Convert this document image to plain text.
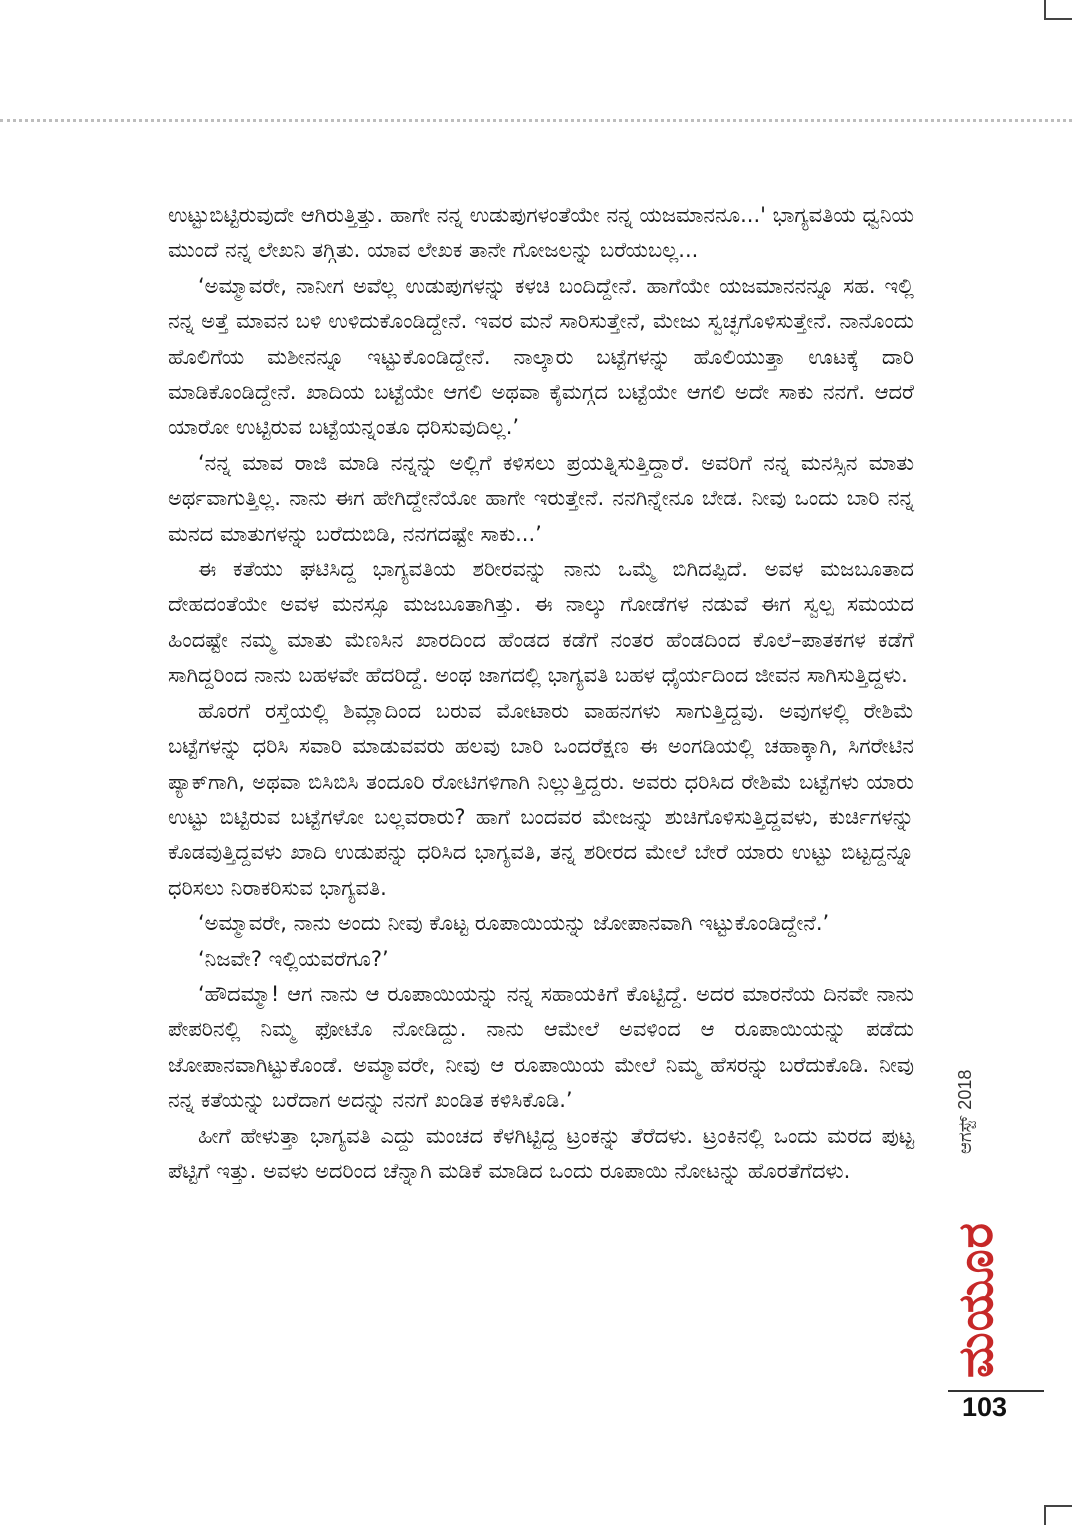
ಉಟ್ಟುಬಿಟ್ಟಿರುವುದೇ ಆಗಿರುತ್ತಿತ್ತು. ಹಾಗೇ ನನ್ನ ಉಡುಪುಗಳಂತೆಯೇ ನನ್ನ ಯಜಮಾನನೂ...' ಭಾಗ್ಯವತಿಯ ಧ್ವನಿಯ ಮುಂದೆ ನನ್ನ ಲೇಖನಿ ತಗ್ಗಿತು. ಯಾವ ಲೇಖಕ ತಾನೇ ಗೋಜಲನ್ನು ಬರೆಯಬಲ್ಲ...

‘ಅಮ್ಮಾವರೇ, ನಾನೀಗ ಅವೆಲ್ಲ ಉಡುಪುಗಳನ್ನು ಕಳಚಿ ಬಂದಿದ್ದೇನೆ. ಹಾಗೆಯೇ ಯಜಮಾನನನ್ನೂ ಸಹ. ಇಲ್ಲಿ ನನ್ನ ಅತ್ತೆ ಮಾವನ ಬಳಿ ಉಳಿದುಕೊಂಡಿದ್ದೇನೆ. ಇವರ ಮನೆ ಸಾರಿಸುತ್ತೇನೆ, ಮೇಜು ಸ್ವಚ್ಛಗೊಳಿಸುತ್ತೇನೆ. ನಾನೊಂದು ಹೊಲಿಗೆಯ ಮಶೀನನ್ನೂ ಇಟ್ಟುಕೊಂಡಿದ್ದೇನೆ. ನಾಲ್ಕಾರು ಬಟ್ಟೆಗಳನ್ನು ಹೊಲಿಯುತ್ತಾ ಊಟಕ್ಕೆ ದಾರಿ ಮಾಡಿಕೊಂಡಿದ್ದೇನೆ. ಖಾದಿಯ ಬಟ್ಟೆಯೇ ಆಗಲಿ ಅಥವಾ ಕೈಮಗ್ಗದ ಬಟ್ಟೆಯೇ ಆಗಲಿ ಅದೇ ಸಾಕು ನನಗೆ. ಆದರೆ ಯಾರೋ ಉಟ್ಟಿರುವ ಬಟ್ಟೆಯನ್ನಂತೂ ಧರಿಸುವುದಿಲ್ಲ.’

‘ನನ್ನ ಮಾವ ರಾಜಿ ಮಾಡಿ ನನ್ನನ್ನು ಅಲ್ಲಿಗೆ ಕಳಿಸಲು ಪ್ರಯತ್ನಿಸುತ್ತಿದ್ದಾರೆ. ಅವರಿಗೆ ನನ್ನ ಮನಸ್ಸಿನ ಮಾತು ಅರ್ಥವಾಗುತ್ತಿಲ್ಲ. ನಾನು ಈಗ ಹೇಗಿದ್ದೇನೆಯೋ ಹಾಗೇ ಇರುತ್ತೇನೆ. ನನಗಿನ್ನೇನೂ ಬೇಡ. ನೀವು ಒಂದು ಬಾರಿ ನನ್ನ ಮನದ ಮಾತುಗಳನ್ನು ಬರೆದುಬಿಡಿ, ನನಗದಷ್ಟೇ ಸಾಕು...’

ಈ ಕತೆಯು ಘಟಿಸಿದ್ದ ಭಾಗ್ಯವತಿಯ ಶರೀರವನ್ನು ನಾನು ಒಮ್ಮೆ ಬಿಗಿದಪ್ಪಿದೆ. ಅವಳ ಮಜಬೂತಾದ ದೇಹದಂತೆಯೇ ಅವಳ ಮನಸ್ಸೂ ಮಜಬೂತಾಗಿತ್ತು. ಈ ನಾಲ್ಕು ಗೋಡೆಗಳ ನಡುವೆ ಈಗ ಸ್ವಲ್ಪ ಸಮಯದ ಹಿಂದಷ್ಟೇ ನಮ್ಮ ಮಾತು ಮೆಣಸಿನ ಖಾರದಿಂದ ಹೆಂಡದ ಕಡೆಗೆ ನಂತರ ಹೆಂಡದಿಂದ ಕೊಲೆ–ಪಾತಕಗಳ ಕಡೆಗೆ ಸಾಗಿದ್ದರಿಂದ ನಾನು ಬಹಳವೇ ಹೆದರಿದ್ದೆ. ಅಂಥ ಜಾಗದಲ್ಲಿ ಭಾಗ್ಯವತಿ ಬಹಳ ಧೈರ್ಯದಿಂದ ಜೀವನ ಸಾಗಿಸುತ್ತಿದ್ದಳು.

ಹೊರಗೆ ರಸ್ತೆಯಲ್ಲಿ ಶಿಮ್ಲಾದಿಂದ ಬರುವ ಮೋಟಾರು ವಾಹನಗಳು ಸಾಗುತ್ತಿದ್ದವು. ಅವುಗಳಲ್ಲಿ ರೇಶಿಮೆ ಬಟ್ಟೆಗಳನ್ನು ಧರಿಸಿ ಸವಾರಿ ಮಾಡುವವರು ಹಲವು ಬಾರಿ ಒಂದರೆಕ್ಷಣ ಈ ಅಂಗಡಿಯಲ್ಲಿ ಚಹಾಕ್ಕಾಗಿ, ಸಿಗರೇಟಿನ ಪ್ಯಾಕ್‌ಗಾಗಿ, ಅಥವಾ ಬಿಸಿಬಿಸಿ ತಂದೂರಿ ರೋಟಿಗಳಿಗಾಗಿ ನಿಲ್ಲುತ್ತಿದ್ದರು. ಅವರು ಧರಿಸಿದ ರೇಶಿಮೆ ಬಟ್ಟೆಗಳು ಯಾರು ಉಟ್ಟು ಬಿಟ್ಟಿರುವ ಬಟ್ಟೆಗಳೋ ಬಲ್ಲವರಾರು? ಹಾಗೆ ಬಂದವರ ಮೇಜನ್ನು ಶುಚಿಗೊಳಿಸುತ್ತಿದ್ದವಳು, ಕುರ್ಚಿಗಳನ್ನು ಕೊಡವುತ್ತಿದ್ದವಳು ಖಾದಿ ಉಡುಪನ್ನು ಧರಿಸಿದ ಭಾಗ್ಯವತಿ, ತನ್ನ ಶರೀರದ ಮೇಲೆ ಬೇರೆ ಯಾರು ಉಟ್ಟು ಬಿಟ್ಟದ್ದನ್ನೂ ಧರಿಸಲು ನಿರಾಕರಿಸುವ ಭಾಗ್ಯವತಿ.

‘ಅಮ್ಮಾವರೇ, ನಾನು ಅಂದು ನೀವು ಕೊಟ್ಟ ರೂಪಾಯಿಯನ್ನು ಜೋಪಾನವಾಗಿ ಇಟ್ಟುಕೊಂಡಿದ್ದೇನೆ.’

‘ನಿಜವೇ? ಇಲ್ಲಿಯವರೆಗೂ?’

‘ಹೌದಮ್ಮಾ! ಆಗ ನಾನು ಆ ರೂಪಾಯಿಯನ್ನು ನನ್ನ ಸಹಾಯಕಿಗೆ ಕೊಟ್ಟಿದ್ದೆ. ಅದರ ಮಾರನೆಯ ದಿನವೇ ನಾನು ಪೇಪರಿನಲ್ಲಿ ನಿಮ್ಮ ಫೋಟೊ ನೋಡಿದ್ದು. ನಾನು ಆಮೇಲೆ ಅವಳಿಂದ ಆ ರೂಪಾಯಿಯನ್ನು ಪಡೆದು ಜೋಪಾನವಾಗಿಟ್ಟುಕೊಂಡೆ. ಅಮ್ಮಾವರೇ, ನೀವು ಆ ರೂಪಾಯಿಯ ಮೇಲೆ ನಿಮ್ಮ ಹೆಸರನ್ನು ಬರೆದುಕೊಡಿ. ನೀವು ನನ್ನ ಕತೆಯನ್ನು ಬರೆದಾಗ ಅದನ್ನು ನನಗೆ ಖಂಡಿತ ಕಳಿಸಿಕೊಡಿ.’

ಹೀಗೆ ಹೇಳುತ್ತಾ ಭಾಗ್ಯವತಿ ಎದ್ದು ಮಂಚದ ಕೆಳಗಿಟ್ಟಿದ್ದ ಟ್ರಂಕನ್ನು ತೆರೆದಳು. ಟ್ರಂಕಿನಲ್ಲಿ ಒಂದು ಮರದ ಪುಟ್ಟ ಪೆಟ್ಟಿಗೆ ಇತ್ತು. ಅವಳು ಅದರಿಂದ ಚೆನ್ನಾಗಿ ಮಡಿಕೆ ಮಾಡಿದ ಒಂದು ರೂಪಾಯಿ ನೋಟನ್ನು ಹೊರತೆಗೆದಳು.

ಆಗಸ್ಟ್2018
ಮಯೂರ
103
